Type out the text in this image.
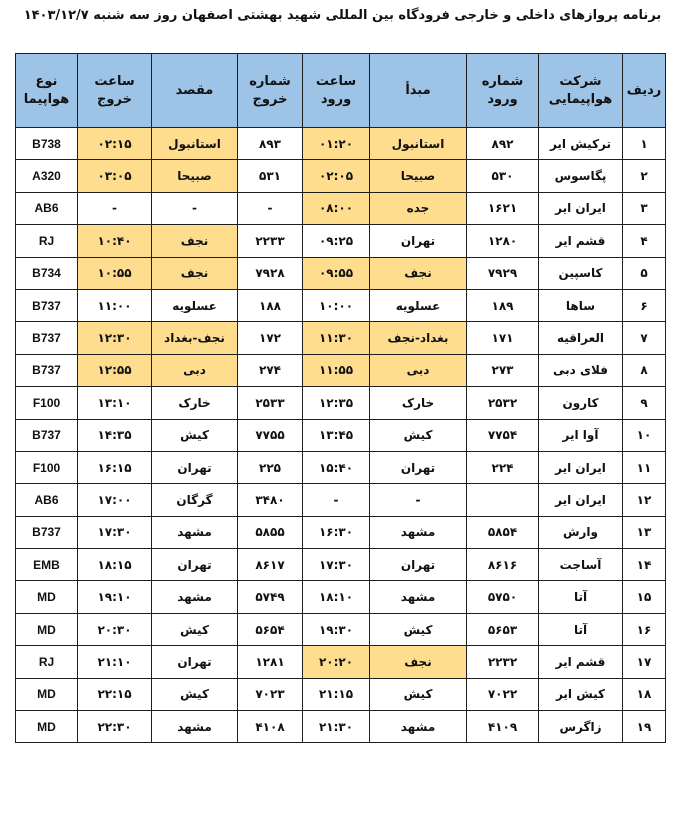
برنامه پروازهای داخلی و خارجی فرودگاه بین المللی شهید بهشتی اصفهان روز سه شنبه ۱۴۰۳/۱۲/۷
ردیف	شرکت هواپیمایی	شماره ورود	مبدأ	ساعت ورود	شماره خروج	مقصد	ساعت خروج	نوع هواپیما
۱	ترکیش ایر	۸۹۲	استانبول	۰۱:۲۰	۸۹۳	استانبول	۰۲:۱۵	B738
۲	پگاسوس	۵۳۰	صبیحا	۰۲:۰۵	۵۳۱	صبیحا	۰۳:۰۵	A320
۳	ایران ایر	۱۶۲۱	جده	۰۸:۰۰	-	-	-	AB6
۴	قشم ایر	۱۲۸۰	تهران	۰۹:۲۵	۲۲۳۳	نجف	۱۰:۴۰	RJ
۵	کاسپین	۷۹۲۹	نجف	۰۹:۵۵	۷۹۲۸	نجف	۱۰:۵۵	B734
۶	ساها	۱۸۹	عسلویه	۱۰:۰۰	۱۸۸	عسلویه	۱۱:۰۰	B737
۷	العراقیه	۱۷۱	بغداد-نجف	۱۱:۳۰	۱۷۲	نجف-بغداد	۱۲:۳۰	B737
۸	فلای دبی	۲۷۳	دبی	۱۱:۵۵	۲۷۴	دبی	۱۲:۵۵	B737
۹	کارون	۲۵۳۲	خارک	۱۲:۳۵	۲۵۳۳	خارک	۱۳:۱۰	F100
۱۰	آوا ایر	۷۷۵۴	کیش	۱۳:۴۵	۷۷۵۵	کیش	۱۴:۳۵	B737
۱۱	ایران ایر	۲۲۴	تهران	۱۵:۴۰	۲۲۵	تهران	۱۶:۱۵	F100
۱۲	ایران ایر		-	-	۳۴۸۰	گرگان	۱۷:۰۰	AB6
۱۳	وارش	۵۸۵۴	مشهد	۱۶:۳۰	۵۸۵۵	مشهد	۱۷:۳۰	B737
۱۴	آساجت	۸۶۱۶	تهران	۱۷:۳۰	۸۶۱۷	تهران	۱۸:۱۵	EMB
۱۵	آتا	۵۷۵۰	مشهد	۱۸:۱۰	۵۷۴۹	مشهد	۱۹:۱۰	MD
۱۶	آتا	۵۶۵۳	کیش	۱۹:۳۰	۵۶۵۴	کیش	۲۰:۳۰	MD
۱۷	قشم ایر	۲۲۳۲	نجف	۲۰:۲۰	۱۲۸۱	تهران	۲۱:۱۰	RJ
۱۸	کیش ایر	۷۰۲۲	کیش	۲۱:۱۵	۷۰۲۳	کیش	۲۲:۱۵	MD
۱۹	زاگرس	۴۱۰۹	مشهد	۲۱:۳۰	۴۱۰۸	مشهد	۲۲:۳۰	MD
